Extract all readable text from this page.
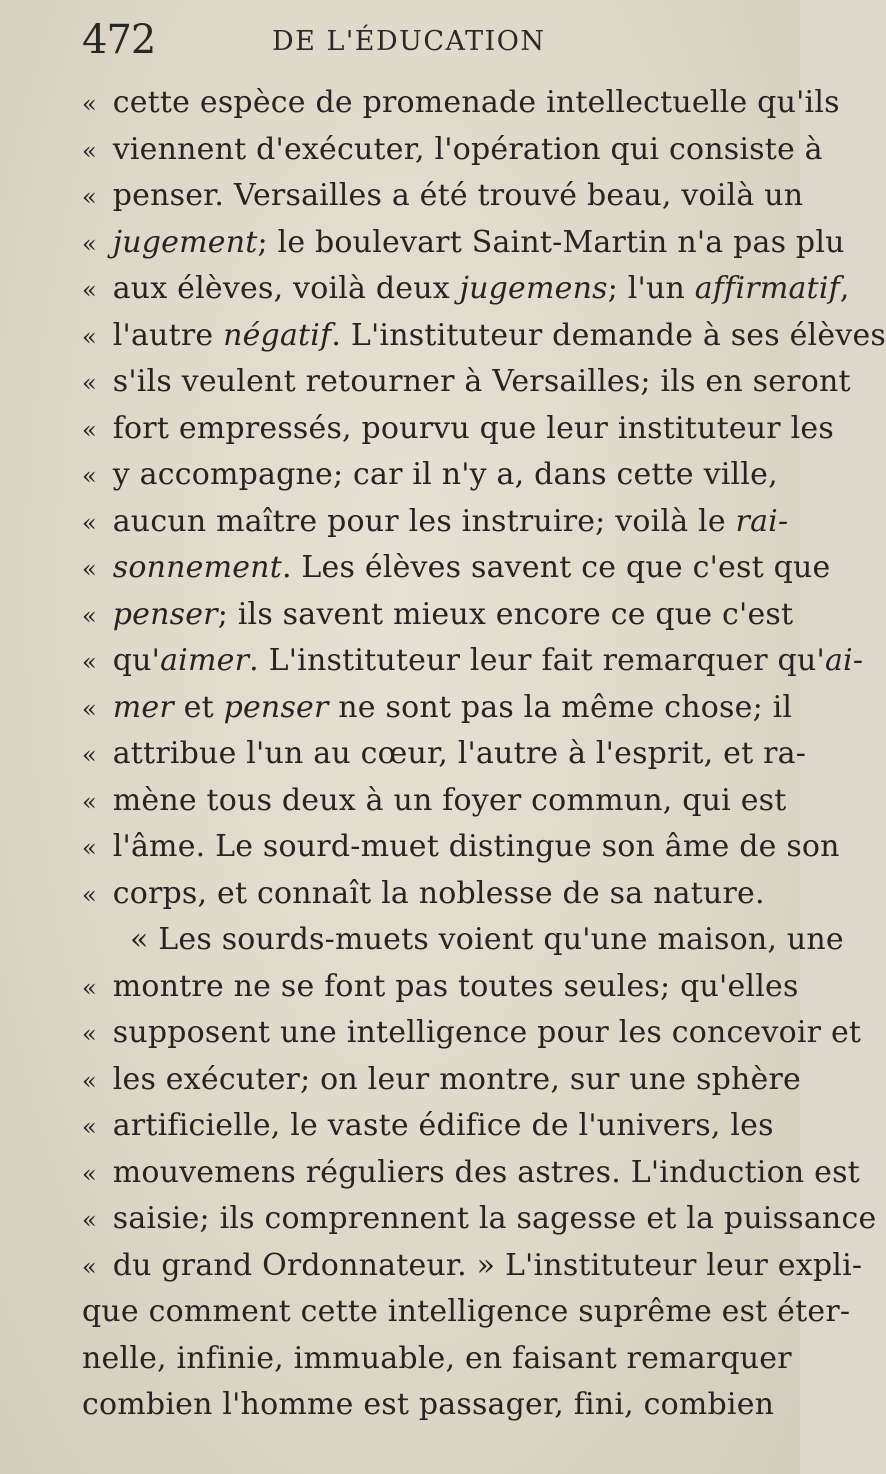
472	DE L'ÉDUCATION
« cette espèce de promenade intellectuelle qu'ils
« viennent d'exécuter, l'opération qui consiste à
« penser. Versailles a été trouvé beau, voilà un
« jugement; le boulevart Saint-Martin n'a pas plu
« aux élèves, voilà deux jugemens; l'un affirmatif,
« l'autre négatif. L'instituteur demande à ses élèves
« s'ils veulent retourner à Versailles; ils en seront
« fort empressés, pourvu que leur instituteur les
« y accompagne; car il n'y a, dans cette ville,
« aucun maître pour les instruire; voilà le rai-
« sonnement. Les élèves savent ce que c'est que
« penser; ils savent mieux encore ce que c'est
« qu'aimer. L'instituteur leur fait remarquer qu'ai-
« mer et penser ne sont pas la même chose; il
« attribue l'un au cœur, l'autre à l'esprit, et ra-
« mène tous deux à un foyer commun, qui est
« l'âme. Le sourd-muet distingue son âme de son
« corps, et connaît la noblesse de sa nature.
« Les sourds-muets voient qu'une maison, une
« montre ne se font pas toutes seules; qu'elles
« supposent une intelligence pour les concevoir et
« les exécuter; on leur montre, sur une sphère
« artificielle, le vaste édifice de l'univers, les
« mouvemens réguliers des astres. L'induction est
« saisie; ils comprennent la sagesse et la puissance
« du grand Ordonnateur. » L'instituteur leur expli-
que comment cette intelligence suprême est éter-
nelle, infinie, immuable, en faisant remarquer
combien l'homme est passager, fini, combien
